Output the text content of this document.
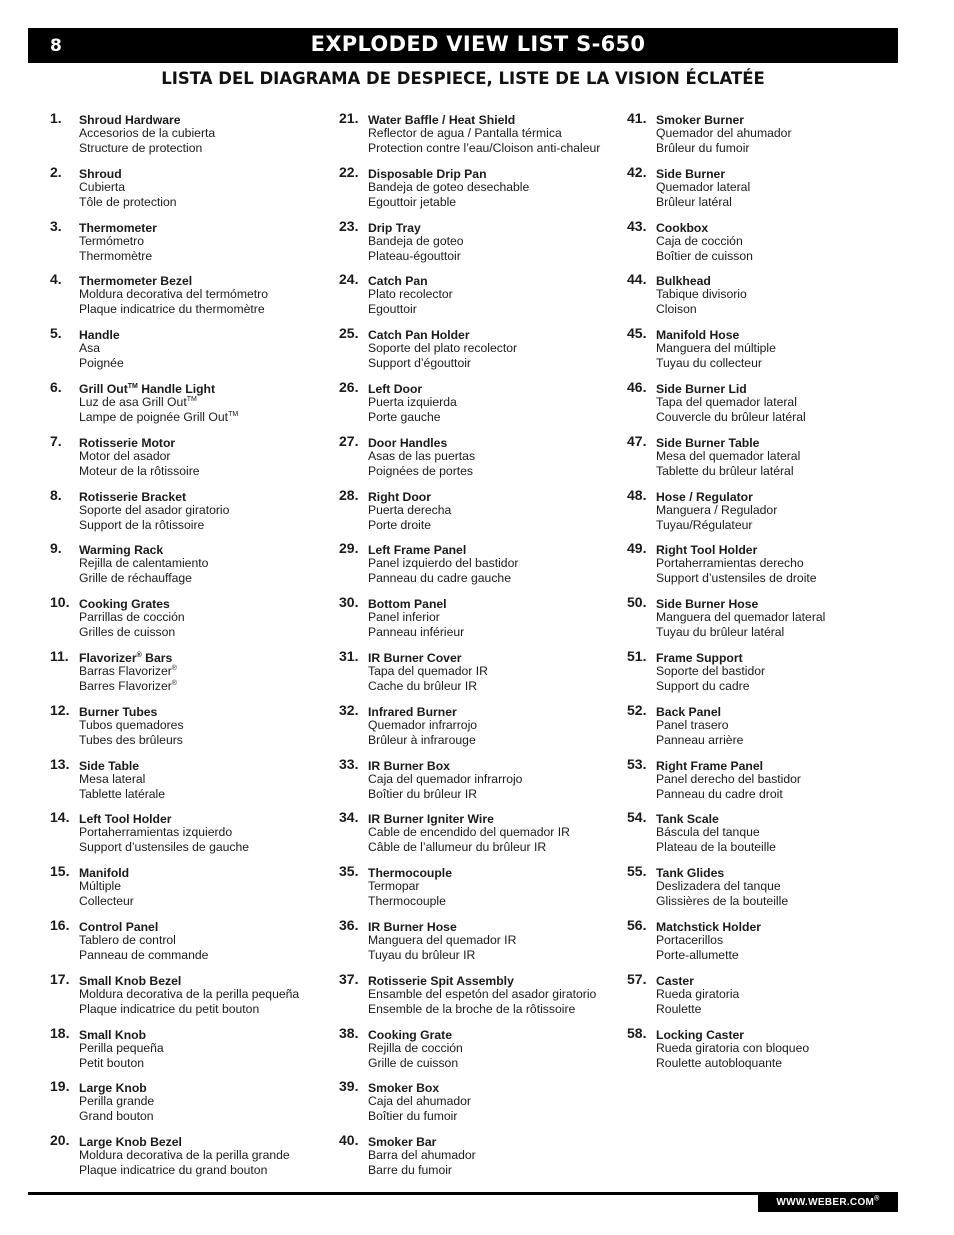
8	EXPLODED VIEW LIST S-650
LISTA DEL DIAGRAMA DE DESPIECE, LISTE DE LA VISION ÉCLATÉE
1. Shroud Hardware
Accesorios de la cubierta
Structure de protection
2. Shroud
Cubierta
Tôle de protection
3. Thermometer
Termómetro
Thermomètre
4. Thermometer Bezel
Moldura decorativa del termómetro
Plaque indicatrice du thermomètre
5. Handle
Asa
Poignée
6. Grill Out™ Handle Light
Luz de asa Grill Out™
Lampe de poignée Grill Out™
7. Rotisserie Motor
Motor del asador
Moteur de la rôtissoire
8. Rotisserie Bracket
Soporte del asador giratorio
Support de la rôtissoire
9. Warming Rack
Rejilla de calentamiento
Grille de réchauffage
10. Cooking Grates
Parrillas de cocción
Grilles de cuisson
11. Flavorizer® Bars
Barras Flavorizer®
Barres Flavorizer®
12. Burner Tubes
Tubos quemadores
Tubes des brûleurs
13. Side Table
Mesa lateral
Tablette latérale
14. Left Tool Holder
Portaherramientas izquierdo
Support d’ustensiles de gauche
15. Manifold
Múltiple
Collecteur
16. Control Panel
Tablero de control
Panneau de commande
17. Small Knob Bezel
Moldura decorativa de la perilla pequeña
Plaque indicatrice du petit bouton
18. Small Knob
Perilla pequeña
Petit bouton
19. Large Knob
Perilla grande
Grand bouton
20. Large Knob Bezel
Moldura decorativa de la perilla grande
Plaque indicatrice du grand bouton
21. Water Baffle / Heat Shield
Reflector de agua / Pantalla térmica
Protection contre l’eau/Cloison anti-chaleur
22. Disposable Drip Pan
Bandeja de goteo desechable
Egouttoir jetable
23. Drip Tray
Bandeja de goteo
Plateau-égouttoir
24. Catch Pan
Plato recolector
Egouttoir
25. Catch Pan Holder
Soporte del plato recolector
Support d’égouttoir
26. Left Door
Puerta izquierda
Porte gauche
27. Door Handles
Asas de las puertas
Poignées de portes
28. Right Door
Puerta derecha
Porte droite
29. Left Frame Panel
Panel izquierdo del bastidor
Panneau du cadre gauche
30. Bottom Panel
Panel inferior
Panneau inférieur
31. IR Burner Cover
Tapa del quemador IR
Cache du brûleur IR
32. Infrared Burner
Quemador infrarrojo
Brûleur à infrarouge
33. IR Burner Box
Caja del quemador infrarrojo
Boîtier du brûleur IR
34. IR Burner Igniter Wire
Cable de encendido del quemador IR
Câble de l’allumeur du brûleur IR
35. Thermocouple
Termopar
Thermocouple
36. IR Burner Hose
Manguera del quemador IR
Tuyau du brûleur IR
37. Rotisserie Spit Assembly
Ensamble del espetón del asador giratorio
Ensemble de la broche de la rôtissoire
38. Cooking Grate
Rejilla de cocción
Grille de cuisson
39. Smoker Box
Caja del ahumador
Boîtier du fumoir
40. Smoker Bar
Barra del ahumador
Barre du fumoir
41. Smoker Burner
Quemador del ahumador
Brûleur du fumoir
42. Side Burner
Quemador lateral
Brûleur latéral
43. Cookbox
Caja de cocción
Boîtier de cuisson
44. Bulkhead
Tabique divisorio
Cloison
45. Manifold Hose
Manguera del múltiple
Tuyau du collecteur
46. Side Burner Lid
Tapa del quemador lateral
Couvercle du brûleur latéral
47. Side Burner Table
Mesa del quemador lateral
Tablette du brûleur latéral
48. Hose / Regulator
Manguera / Regulador
Tuyau/Régulateur
49. Right Tool Holder
Portaherramientas derecho
Support d’ustensiles de droite
50. Side Burner Hose
Manguera del quemador lateral
Tuyau du brûleur latéral
51. Frame Support
Soporte del bastidor
Support du cadre
52. Back Panel
Panel trasero
Panneau arrière
53. Right Frame Panel
Panel derecho del bastidor
Panneau du cadre droit
54. Tank Scale
Báscula del tanque
Plateau de la bouteille
55. Tank Glides
Deslizadera del tanque
Glissières de la bouteille
56. Matchstick Holder
Portacerillos
Porte-allumette
57. Caster
Rueda giratoria
Roulette
58. Locking Caster
Rueda giratoria con bloqueo
Roulette autobloquante
WWW.WEBER.COM®
